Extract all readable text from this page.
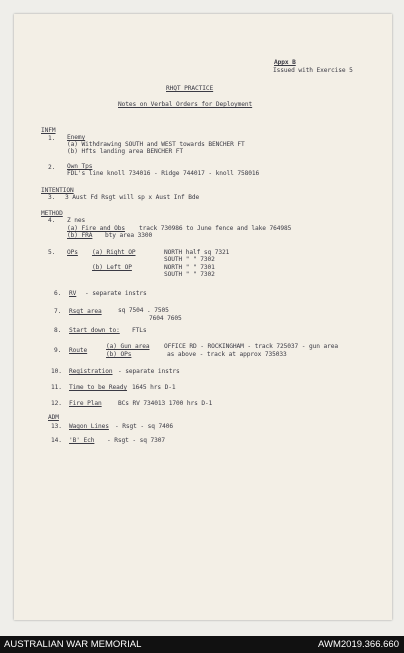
Appx B
Issued with Exercise 5
RHQT PRACTICE
Notes on Verbal Orders for Deployment
INFM
1. Enemy
(a) Withdrawing SOUTH and WEST towards BENCHER FT
(b) Hfts landing area BENCHER FT
2. Own Tps
FDL's line knoll 734016 - Ridge 744017 - knoll 758016
INTENTION
3. 3 Aust Fd Rsgt will sp x Aust Inf Bde
METHOD
4. Z nes
(a) Fire and Obs track 730986 to June fence and lake 764985
(b) FRA bty area 3300
5. OPs (a) Right OP	NORTH half sq 7321
SOUTH " " 7302
(b) Left OP	NORTH " " 7301
SOUTH " " 7302
6. RV - separate instrs
7. Rsgt area	sq 7504 . 7505
7604 7605
8. Start down to: FTLs
9. Route
(a) Gun area OFFICE RD - ROCKINGHAM - track 725037 - gun area
(b) OPs	as above - track at approx 735033
10. Registration - separate instrs
11. Time to be Ready 1645 hrs D-1
12. Fire Plan	BCs RV 734013 1700 hrs D-1
ADM
13. Wagon Lines - Rsgt - sq 7406
14. 'B' Ech - Rsgt - sq 7307
AUSTRALIAN WAR MEMORIAL	AWM2019.366.660
